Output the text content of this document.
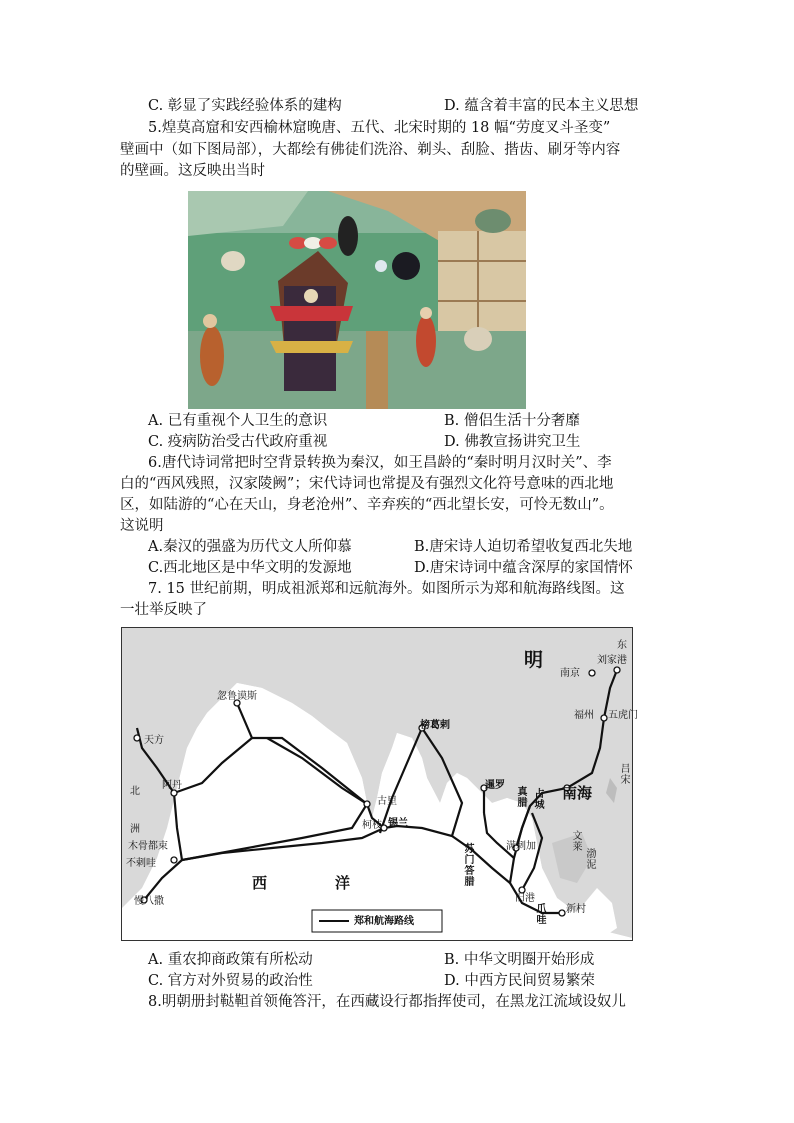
C. 彰显了实践经验体系的建构	D. 蕴含着丰富的民本主义思想
5.煌莫高窟和安西榆林窟晚唐、五代、北宋时期的 18 幅“劳度叉斗圣变”
壁画中（如下图局部），大都绘有佛徒们洗浴、剃头、刮脸、揩齿、刷牙等内容
的壁画。这反映出当时
A. 已有重视个人卫生的意识	B. 僧侣生活十分奢靡
C. 疫病防治受古代政府重视	D. 佛教宣扬讲究卫生
6.唐代诗词常把时空背景转换为秦汉，如王昌龄的“秦时明月汉时关”、李
白的“西风残照，汉家陵阙”；宋代诗词也常提及有强烈文化符号意味的西北地
区，如陆游的“心在天山，身老沧州”、辛弃疾的“西北望长安，可怜无数山”。
这说明
A.秦汉的强盛为历代文人所仰慕	B.唐宋诗人迫切希望收复西北失地
C.西北地区是中华文明的发源地	D.唐宋诗词中蕴含深厚的家国情怀
7. 15 世纪前期，明成祖派郑和远航海外。如图所示为郑和航海路线图。这
一壮举反映了
明
东
刘家港
南京
福州 五虎门
吕宋
南海
占城
真腊
暹罗
榜葛剌
锡兰
古里
柯枝
忽鲁谟斯
天方
阿丹
北
洲
木骨都束
不剌哇
慢八撒
西	洋	苏门答腊	满剌加
旧港
爪哇 新村
文莱
渤泥
郑和航海路线
A. 重农抑商政策有所松动	B. 中华文明圈开始形成
C. 官方对外贸易的政治性	D. 中西方民间贸易繁荣
8.明朝册封鞑靼首领俺答汗，在西藏设行都指挥使司，在黑龙江流域设奴儿
